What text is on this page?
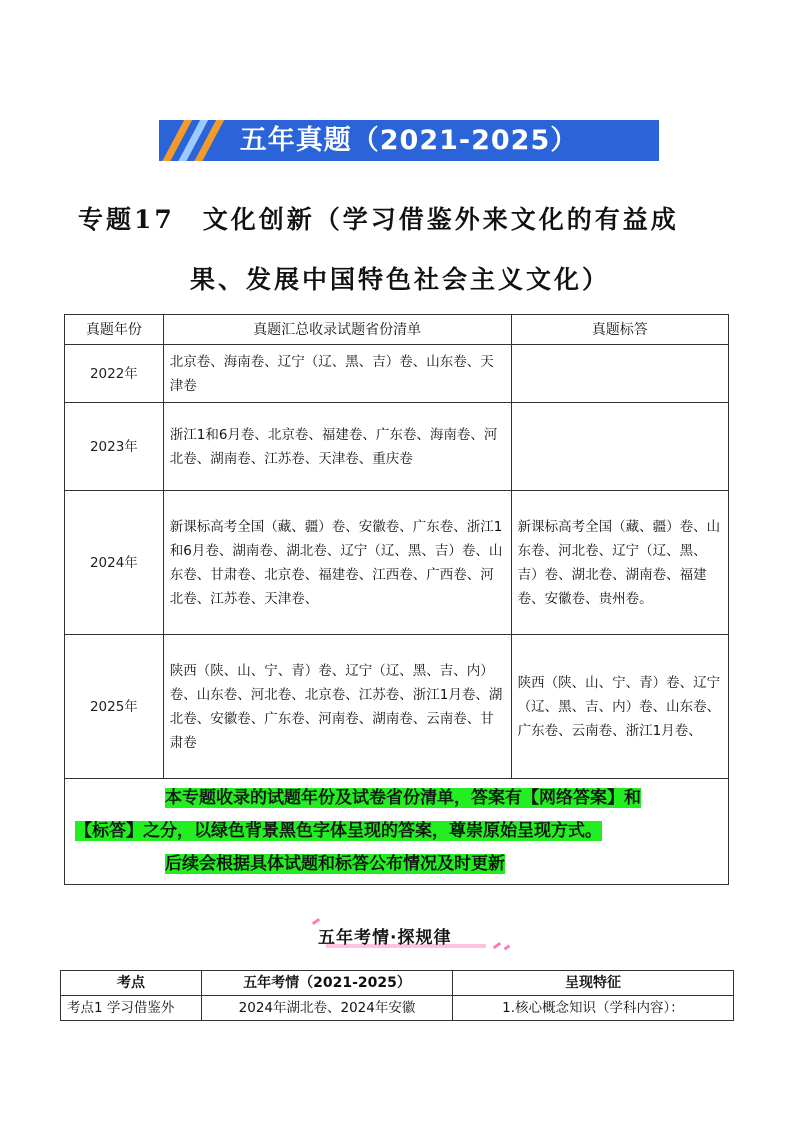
五年真题（2021-2025）
专题17　文化创新（学习借鉴外来文化的有益成
果、发展中国特色社会主义文化）
真题年份	真题汇总收录试题省份清单	真题标答
2022年	北京卷、海南卷、辽宁（辽、黑、吉）卷、山东卷、天津卷	
2023年	浙江1和6月卷、北京卷、福建卷、广东卷、海南卷、河北卷、湖南卷、江苏卷、天津卷、重庆卷	
2024年	新课标高考全国（藏、疆）卷、安徽卷、广东卷、浙江1和6月卷、湖南卷、湖北卷、辽宁（辽、黑、吉）卷、山东卷、甘肃卷、北京卷、福建卷、江西卷、广西卷、河北卷、江苏卷、天津卷、	新课标高考全国（藏、疆）卷、山东卷、河北卷、辽宁（辽、黑、吉）卷、湖北卷、湖南卷、福建卷、安徽卷、贵州卷。
2025年	陕西（陕、山、宁、青）卷、辽宁（辽、黑、吉、内）卷、山东卷、河北卷、北京卷、江苏卷、浙江1月卷、湖北卷、安徽卷、广东卷、河南卷、湖南卷、云南卷、甘肃卷	陕西（陕、山、宁、青）卷、辽宁（辽、黑、吉、内）卷、山东卷、广东卷、云南卷、浙江1月卷、

本专题收录的试题年份及试卷省份清单，答案有【网络答案】和
【标答】之分，以绿色背景黑色字体呈现的答案，尊崇原始呈现方式。
后续会根据具体试题和标答公布情况及时更新		
五年考情·探规律
考点	五年考情（2021-2025）	呈现特征
考点1 学习借鉴外	2024年湖北卷、2024年安徽	1.核心概念知识（学科内容）：
